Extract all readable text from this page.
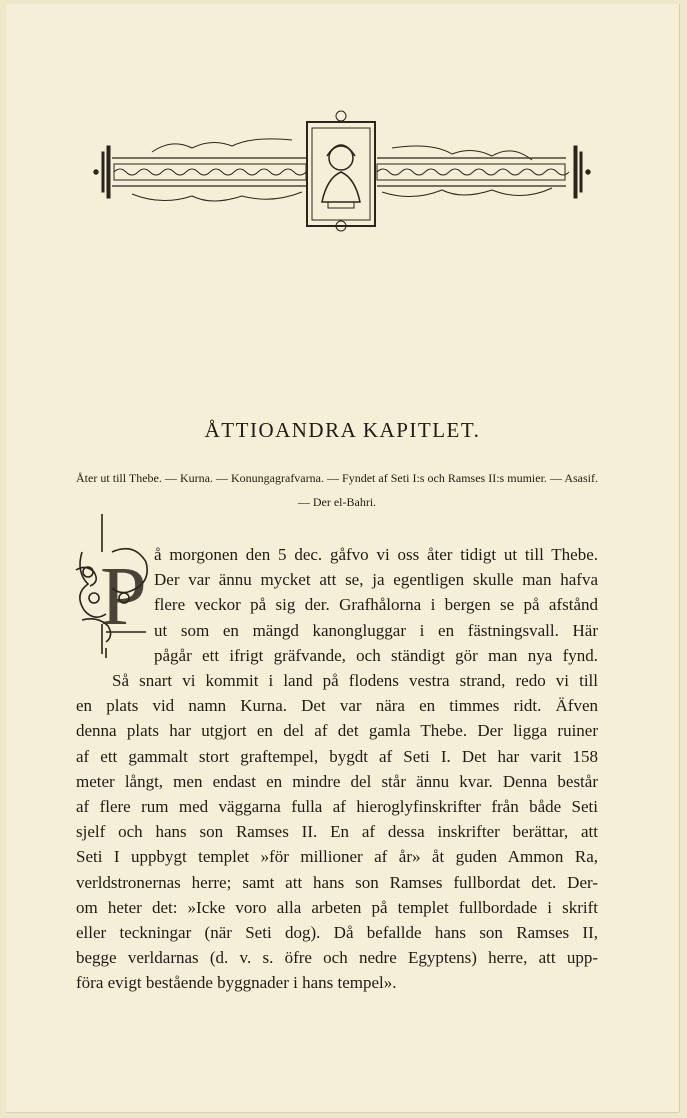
ÅTTIOANDRA KAPITLET.
Åter ut till Thebe. — Kurna. — Konungagrafvarna. — Fyndet af Seti I:s och Ramses II:s mumier. — Asasif. — Der el-Bahri.
P å morgonen den 5 dec. gåfvo vi oss åter tidigt ut till Thebe.
Der var ännu mycket att se, ja egentligen skulle man hafva
flere veckor på sig der. Grafhålorna i bergen se på afstånd
ut som en mängd kanongluggar i en fästningsvall. Här
pågår ett ifrigt gräfvande, och ständigt gör man nya fynd.
Så snart vi kommit i land på flodens vestra strand, redo vi till
en plats vid namn Kurna. Det var nära en timmes ridt. Äfven
denna plats har utgjort en del af det gamla Thebe. Der ligga ruiner
af ett gammalt stort graftempel, bygdt af Seti I. Det har varit 158
meter långt, men endast en mindre del står ännu kvar. Denna består
af flere rum med väggarna fulla af hieroglyfinskrifter från både Seti
sjelf och hans son Ramses II. En af dessa inskrifter berättar, att
Seti I uppbygt templet »för millioner af år» åt guden Ammon Ra,
verldstronernas herre; samt att hans son Ramses fullbordat det. Der-
om heter det: »Icke voro alla arbeten på templet fullbordade i skrift
eller teckningar (när Seti dog). Då befallde hans son Ramses II,
begge verldarnas (d. v. s. öfre och nedre Egyptens) herre, att upp-
föra evigt bestående byggnader i hans tempel».
